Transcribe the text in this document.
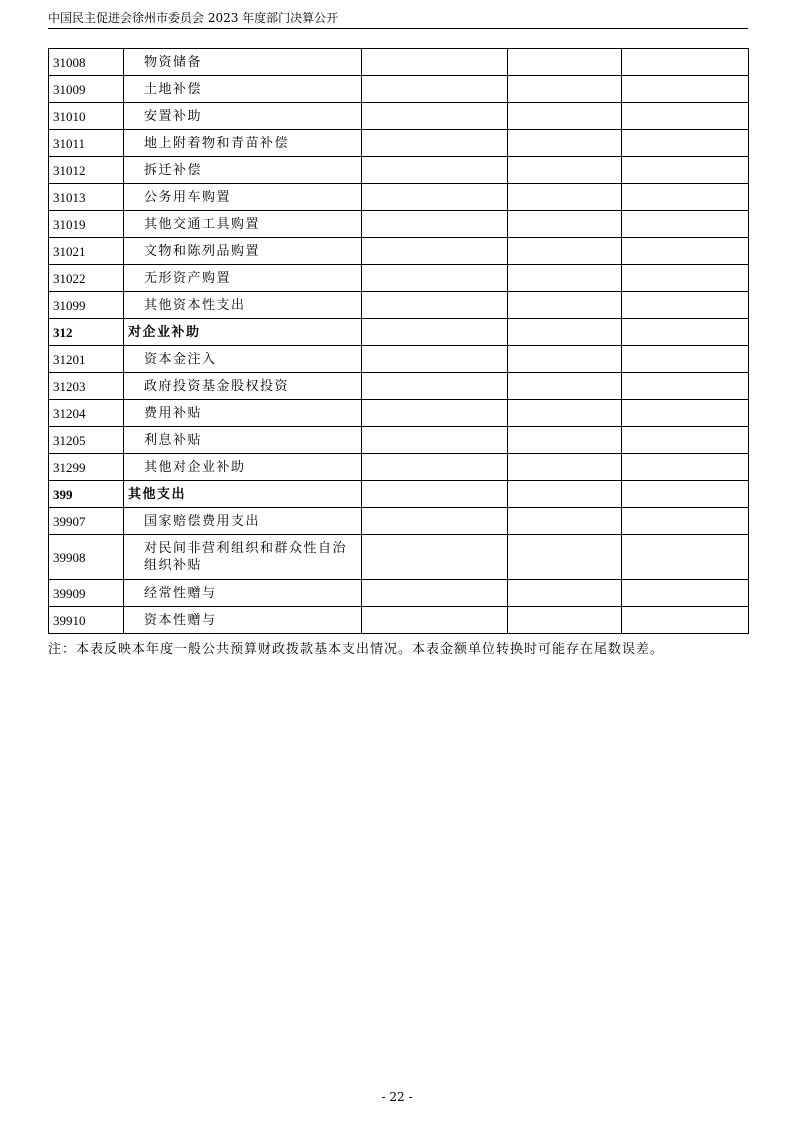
中国民主促进会徐州市委员会 2023 年度部门决算公开
31008	物资储备			
31009	土地补偿			
31010	安置补助			
31011	地上附着物和青苗补偿			
31012	拆迁补偿			
31013	公务用车购置			
31019	其他交通工具购置			
31021	文物和陈列品购置			
31022	无形资产购置			
31099	其他资本性支出			
312	对企业补助			
31201	资本金注入			
31203	政府投资基金股权投资			
31204	费用补贴			
31205	利息补贴			
31299	其他对企业补助			
399	其他支出			
39907	国家赔偿费用支出			
39908	对民间非营利组织和群众性自治组织补贴			
39909	经常性赠与			
39910	资本性赠与			
注：本表反映本年度一般公共预算财政拨款基本支出情况。本表金额单位转换时可能存在尾数误差。
- 22 -
